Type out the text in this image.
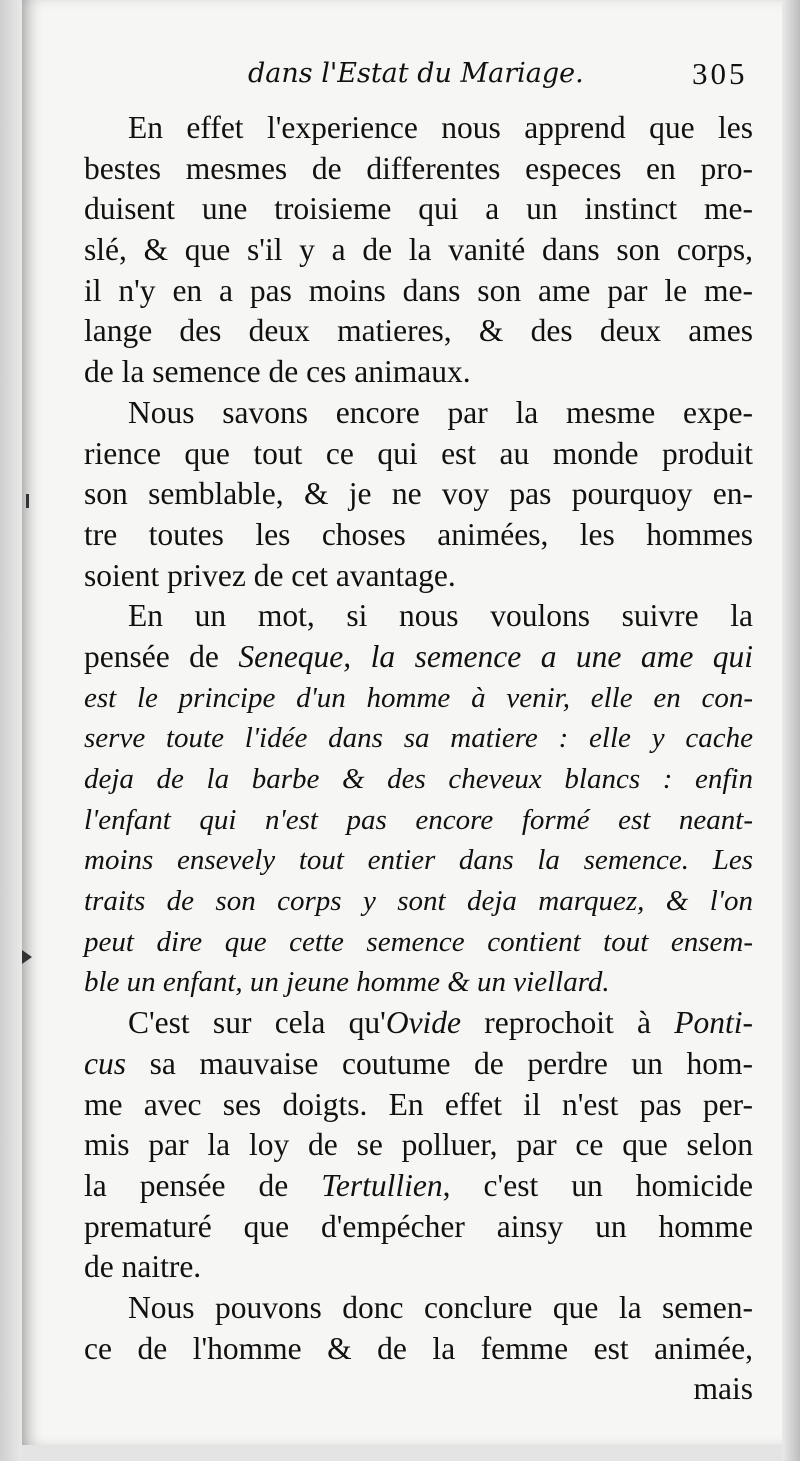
dans l'Estat du Mariage.	305
En effet l'experience nous apprend que les
bestes mesmes de differentes especes en pro-
duisent une troisieme qui a un instinct me-
slé, & que s'il y a de la vanité dans son corps,
il n'y en a pas moins dans son ame par le me-
lange des deux matieres, & des deux ames
de la semence de ces animaux.
Nous savons encore par la mesme expe-
rience que tout ce qui est au monde produit
son semblable, & je ne voy pas pourquoy en-
tre toutes les choses animées, les hommes
soient privez de cet avantage.
En un mot, si nous voulons suivre la
pensée de Seneque, la semence a une ame qui
est le principe d'un homme à venir, elle en con-
serve toute l'idée dans sa matiere : elle y cache
deja de la barbe & des cheveux blancs : enfin
l'enfant qui n'est pas encore formé est neant-
moins ensevely tout entier dans la semence. Les
traits de son corps y sont deja marquez, & l'on
peut dire que cette semence contient tout ensem-
ble un enfant, un jeune homme & un viellard.
C'est sur cela qu'Ovide reprochoit à Ponti-
cus sa mauvaise coutume de perdre un hom-
me avec ses doigts. En effet il n'est pas per-
mis par la loy de se polluer, par ce que selon
la pensée de Tertullien, c'est un homicide
prematuré que d'empécher ainsy un homme
de naitre.
Nous pouvons donc conclure que la semen-
ce de l'homme & de la femme est animée,
mais
